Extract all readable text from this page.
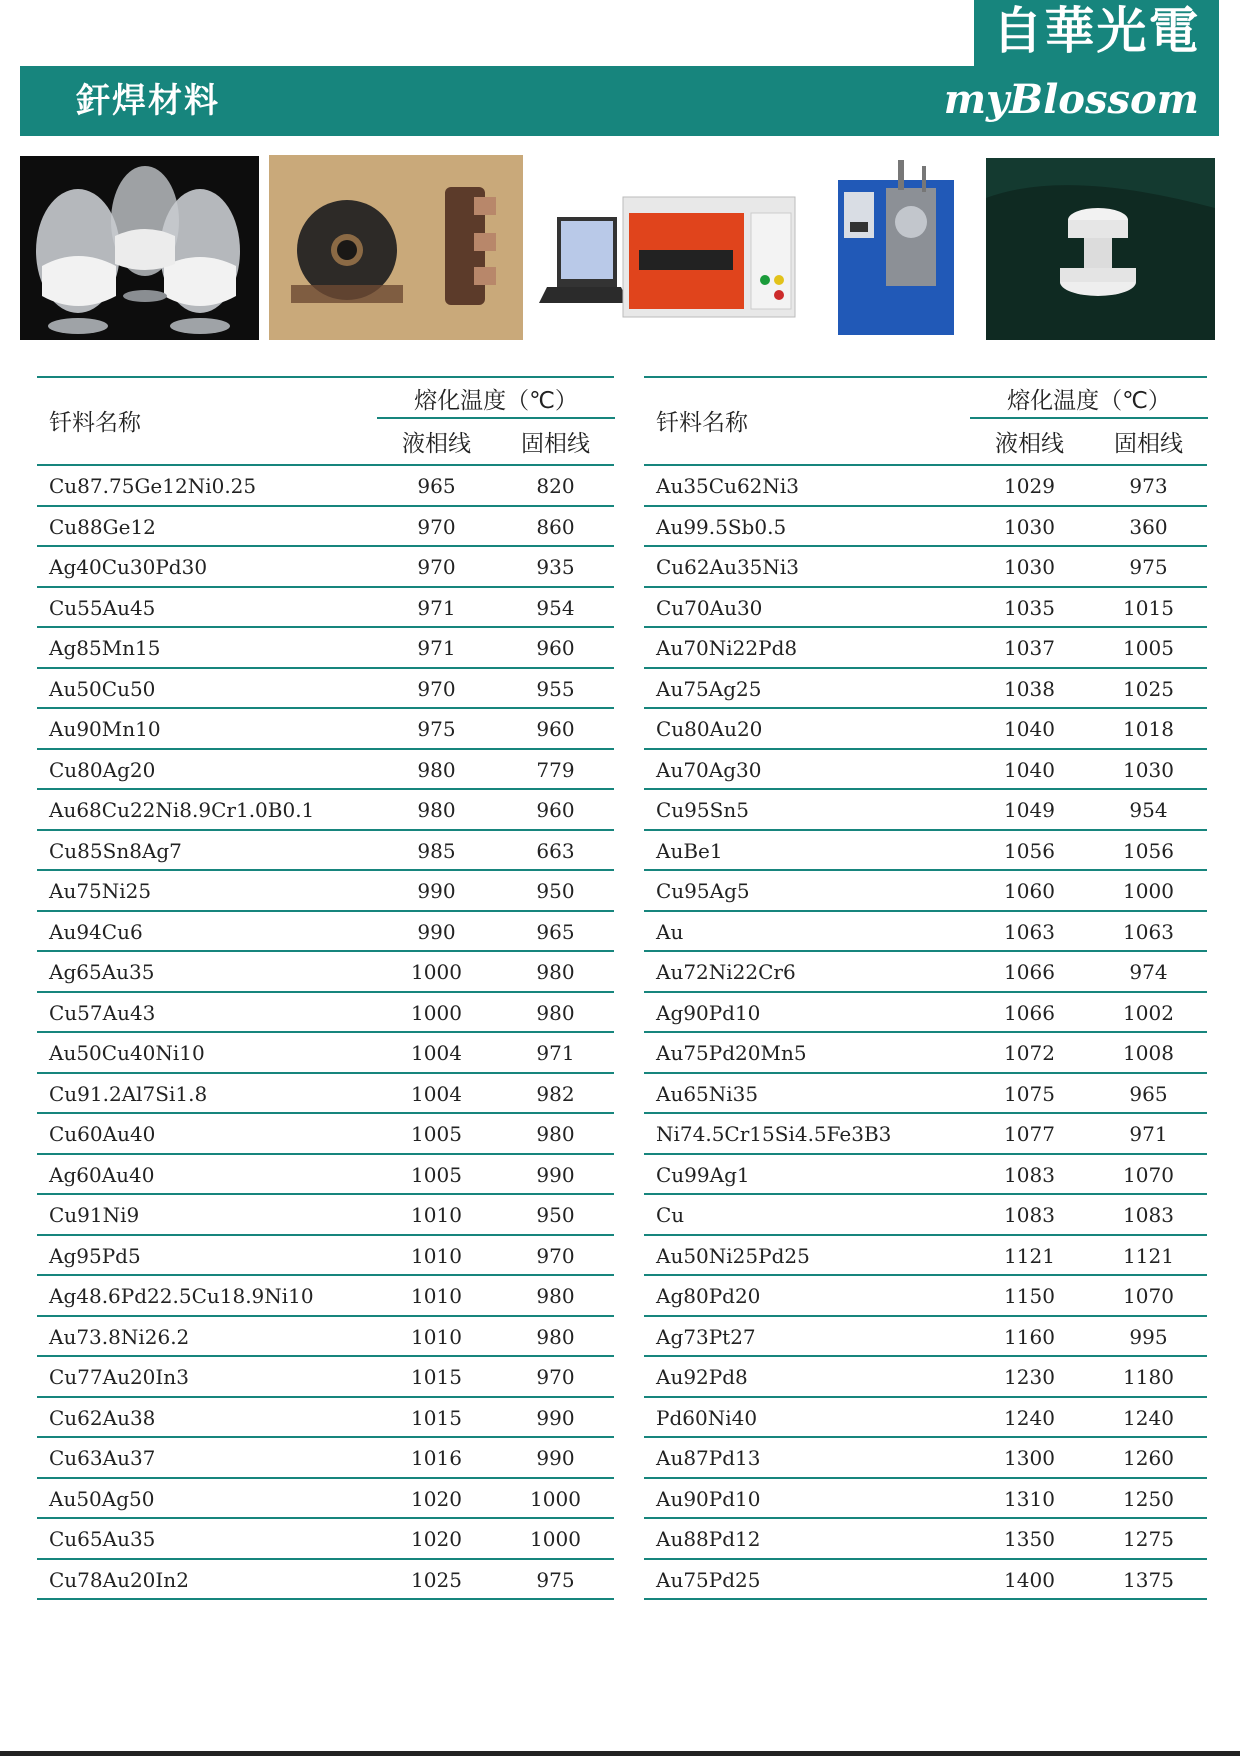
自華光電
釬焊材料	myBlossom
钎料名称
熔化温度（℃）
液相线	固相线
Cu87.75Ge12Ni0.25	965	820
Cu88Ge12	970	860
Ag40Cu30Pd30	970	935
Cu55Au45	971	954
Ag85Mn15	971	960
Au50Cu50	970	955
Au90Mn10	975	960
Cu80Ag20	980	779
Au68Cu22Ni8.9Cr1.0B0.1	980	960
Cu85Sn8Ag7	985	663
Au75Ni25	990	950
Au94Cu6	990	965
Ag65Au35	1000	980
Cu57Au43	1000	980
Au50Cu40Ni10	1004	971
Cu91.2Al7Si1.8	1004	982
Cu60Au40	1005	980
Ag60Au40	1005	990
Cu91Ni9	1010	950
Ag95Pd5	1010	970
Ag48.6Pd22.5Cu18.9Ni10	1010	980
Au73.8Ni26.2	1010	980
Cu77Au20In3	1015	970
Cu62Au38	1015	990
Cu63Au37	1016	990
Au50Ag50	1020	1000
Cu65Au35	1020	1000
Cu78Au20In2	1025	975
钎料名称
熔化温度（℃）
液相线	固相线
Au35Cu62Ni3	1029	973
Au99.5Sb0.5	1030	360
Cu62Au35Ni3	1030	975
Cu70Au30	1035	1015
Au70Ni22Pd8	1037	1005
Au75Ag25	1038	1025
Cu80Au20	1040	1018
Au70Ag30	1040	1030
Cu95Sn5	1049	954
AuBe1	1056	1056
Cu95Ag5	1060	1000
Au	1063	1063
Au72Ni22Cr6	1066	974
Ag90Pd10	1066	1002
Au75Pd20Mn5	1072	1008
Au65Ni35	1075	965
Ni74.5Cr15Si4.5Fe3B3	1077	971
Cu99Ag1	1083	1070
Cu	1083	1083
Au50Ni25Pd25	1121	1121
Ag80Pd20	1150	1070
Ag73Pt27	1160	995
Au92Pd8	1230	1180
Pd60Ni40	1240	1240
Au87Pd13	1300	1260
Au90Pd10	1310	1250
Au88Pd12	1350	1275
Au75Pd25	1400	1375
